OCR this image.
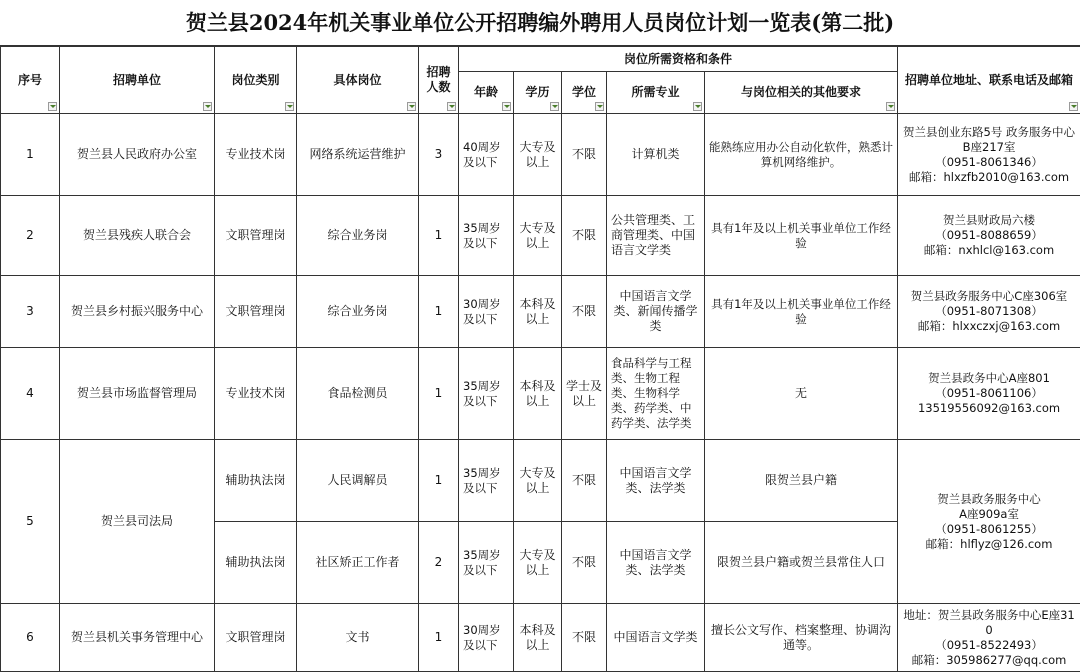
贺兰县2024年机关事业单位公开招聘编外聘用人员岗位计划一览表(第二批)
序号	招聘单位	岗位类别	具体岗位	招聘人数	岗位所需资格和条件					招聘单位地址、联系电话及邮箱

					年龄	学历	学位	所需专业	与岗位相关的其他要求	

1	贺兰县人民政府办公室	专业技术岗	网络系统运营维护	3	40周岁及以下	大专及以上	不限	计算机类	能熟练应用办公自动化软件，熟悉计算机网络维护。	贺兰县创业东路5号 政务服务中心B座217室
（0951-8061346）
邮箱：hlxzfb2010@163.com

2	贺兰县残疾人联合会	文职管理岗	综合业务岗	1	35周岁及以下	大专及以上	不限	公共管理类、工商管理类、中国语言文学类	具有1年及以上机关事业单位工作经验	贺兰县财政局六楼
（0951-8088659）
邮箱：nxhlcl@163.com

3	贺兰县乡村振兴服务中心	文职管理岗	综合业务岗	1	30周岁及以下	本科及以上	不限	中国语言文学类、新闻传播学类	具有1年及以上机关事业单位工作经验	贺兰县政务服务中心C座306室
（0951-8071308）
邮箱：hlxxczxj@163.com

4	贺兰县市场监督管理局	专业技术岗	食品检测员	1	35周岁及以下	本科及以上	学士及以上	食品科学与工程类、生物工程类、生物科学类、药学类、中药学类、法学类	无	贺兰县政务中心A座801
（0951-8061106）
13519556092@163.com

5	贺兰县司法局	辅助执法岗	人民调解员	1	35周岁及以下	大专及以上	不限	中国语言文学类、法学类	限贺兰县户籍	贺兰县政务服务中心
A座909a室
（0951-8061255）
邮箱：hlflyz@126.com

		辅助执法岗	社区矫正工作者	2	35周岁及以下	大专及以上	不限	中国语言文学类、法学类	限贺兰县户籍或贺兰县常住人口	
6	贺兰县机关事务管理中心	文职管理岗	文书	1	30周岁及以下	本科及以上	不限	中国语言文学类	擅长公文写作、档案整理、协调沟通等。	地址：贺兰县政务服务中心E座310
（0951-8522493）
邮箱：305986277@qq.com
